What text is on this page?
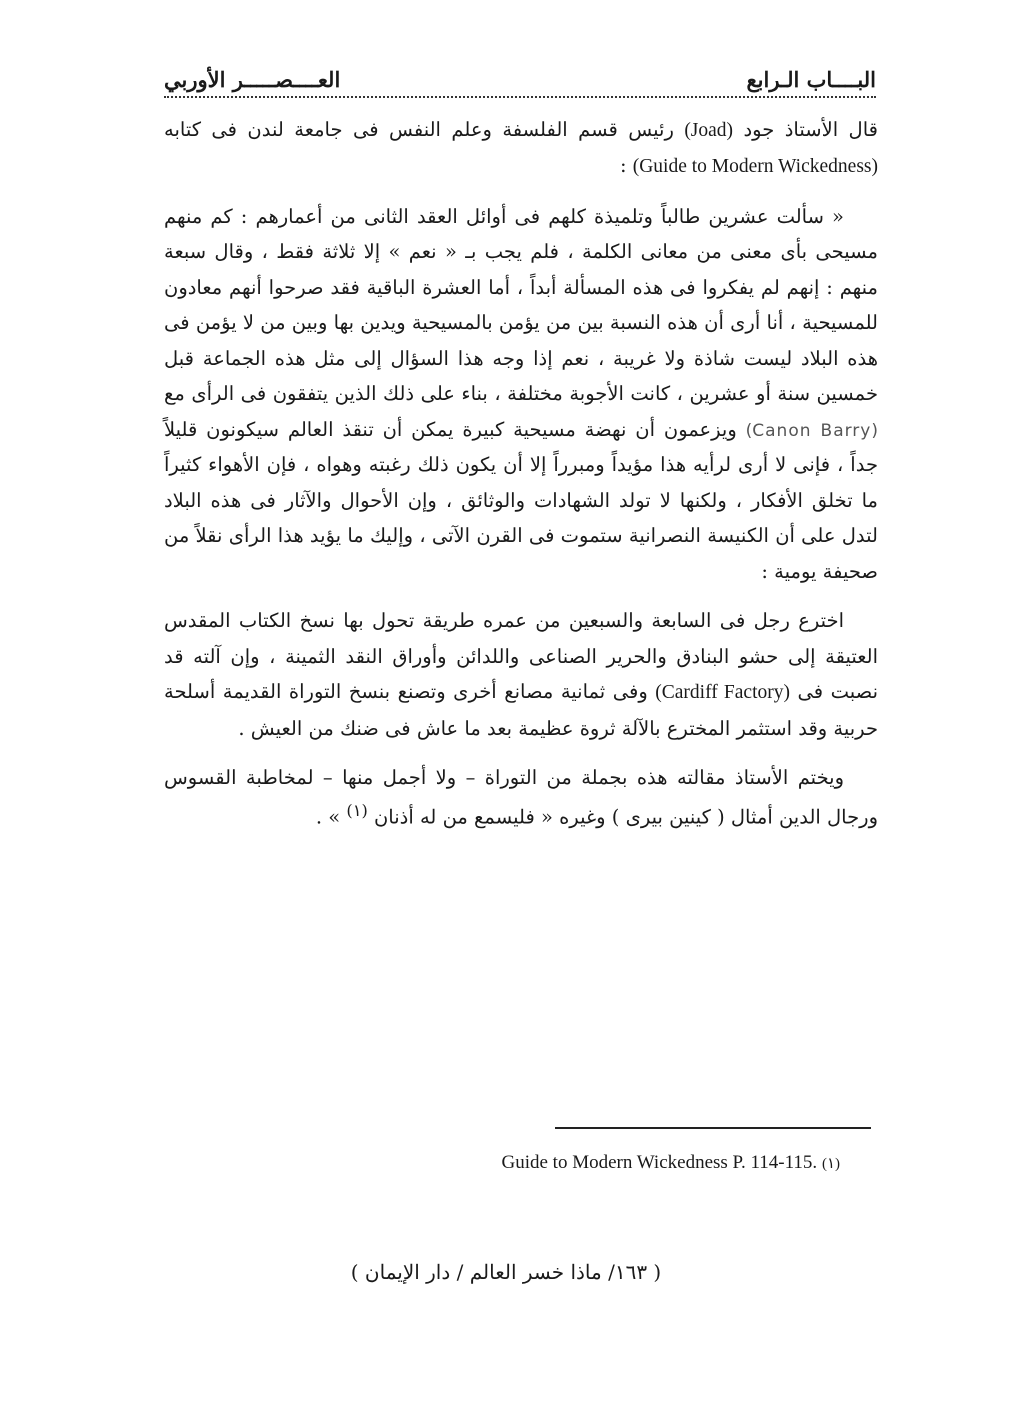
البــــاب الـرابع
العــــصـــــر الأوربي

قال الأستاذ جود (Joad) رئيس قسم الفلسفة وعلم النفس فى جامعة لندن فى كتابه (Guide to Modern Wickedness) :

« سألت عشرين طالباً وتلميذة كلهم فى أوائل العقد الثانى من أعمارهم : كم منهم مسيحى بأى معنى من معانى الكلمة ، فلم يجب بـ « نعم » إلا ثلاثة فقط ، وقال سبعة منهم : إنهم لم يفكروا فى هذه المسألة أبداً ، أما العشرة الباقية فقد صرحوا أنهم معادون للمسيحية ، أنا أرى أن هذه النسبة بين من يؤمن بالمسيحية ويدين بها وبين من لا يؤمن فى هذه البلاد ليست شاذة ولا غريبة ، نعم إذا وجه هذا السؤال إلى مثل هذه الجماعة قبل خمسين سنة أو عشرين ، كانت الأجوبة مختلفة ، بناء على ذلك الذين يتفقون فى الرأى مع (Canon Barry) ويزعمون أن نهضة مسيحية كبيرة يمكن أن تنقذ العالم سيكونون قليلاً جداً ، فإنى لا أرى لرأيه هذا مؤيداً ومبرراً إلا أن يكون ذلك رغبته وهواه ، فإن الأهواء كثيراً ما تخلق الأفكار ، ولكنها لا تولد الشهادات والوثائق ، وإن الأحوال والآثار فى هذه البلاد لتدل على أن الكنيسة النصرانية ستموت فى القرن الآتى ، وإليك ما يؤيد هذا الرأى نقلاً من صحيفة يومية :

اخترع رجل فى السابعة والسبعين من عمره طريقة تحول بها نسخ الكتاب المقدس العتيقة إلى حشو البنادق والحرير الصناعى واللدائن وأوراق النقد الثمينة ، وإن آلته قد نصبت فى (Cardiff Factory) وفى ثمانية مصانع أخرى وتصنع بنسخ التوراة القديمة أسلحة حربية وقد استثمر المخترع بالآلة ثروة عظيمة بعد ما عاش فى ضنك من العيش .

ويختم الأستاذ مقالته هذه بجملة من التوراة – ولا أجمل منها – لمخاطبة القسوس ورجال الدين أمثال ( كينين بيرى ) وغيره « فليسمع من له أذنان $^{(١)}$ » .

Guide to Modern Wickedness P. 114-115. (١)
( ١٦٣/ ماذا خسر العالم / دار الإيمان )
